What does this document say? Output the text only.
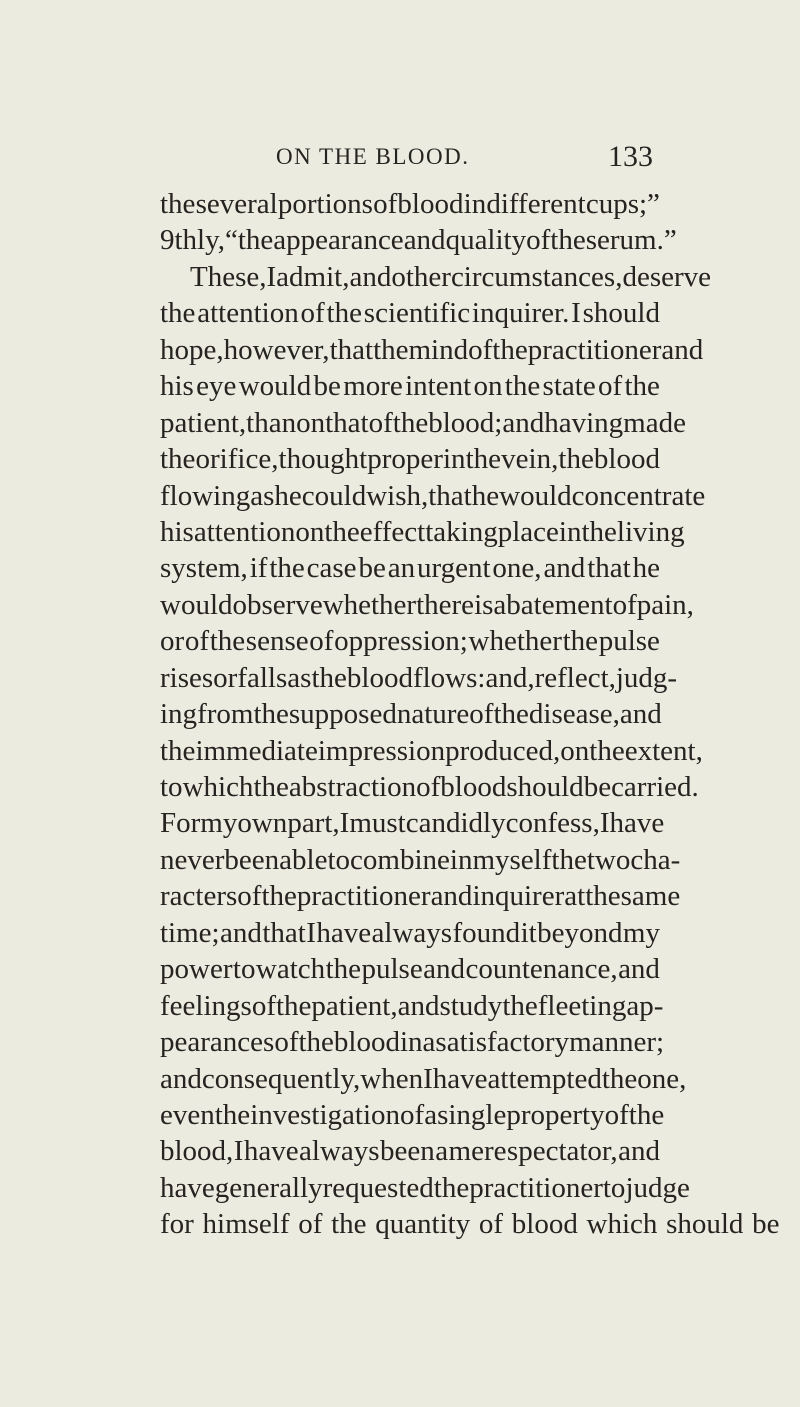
ON THE BLOOD.	133
the several portions of blood in different cups;”
9thly, “the appearance and quality of the serum.”
These, I admit, and other circumstances, deserve
the attention of the scientific inquirer. I should
hope, however, that the mind of the practitioner and
his eye would be more intent on the state of the
patient, than on that of the blood; and having made
the orifice, thought proper in the vein, the blood
flowing as he could wish, that he would concentrate
his attention on the effect taking place in the living
system, if the case be an urgent one, and that he
would observe whether there is abatement of pain,
or of the sense of oppression; whether the pulse
rises or falls as the blood flows: and, reflect, judg-
ing from the supposed nature of the disease, and
the immediate impression produced, on the extent,
to which the abstraction of blood should be carried.
For my own part, I must candidly confess, I have
never been able to combine in myself the two cha-
racters of the practitioner and inquirer at the same
time; and that I have always found it beyond my
power to watch the pulse and countenance, and
feelings of the patient, and study the fleeting ap-
pearances of the blood in a satisfactory manner;
and consequently, when I have attempted the one,
even the investigation of a single property of the
blood, I have always been a mere spectator, and
have generally requested the practitioner to judge
for himself of the quantity of blood which should be
